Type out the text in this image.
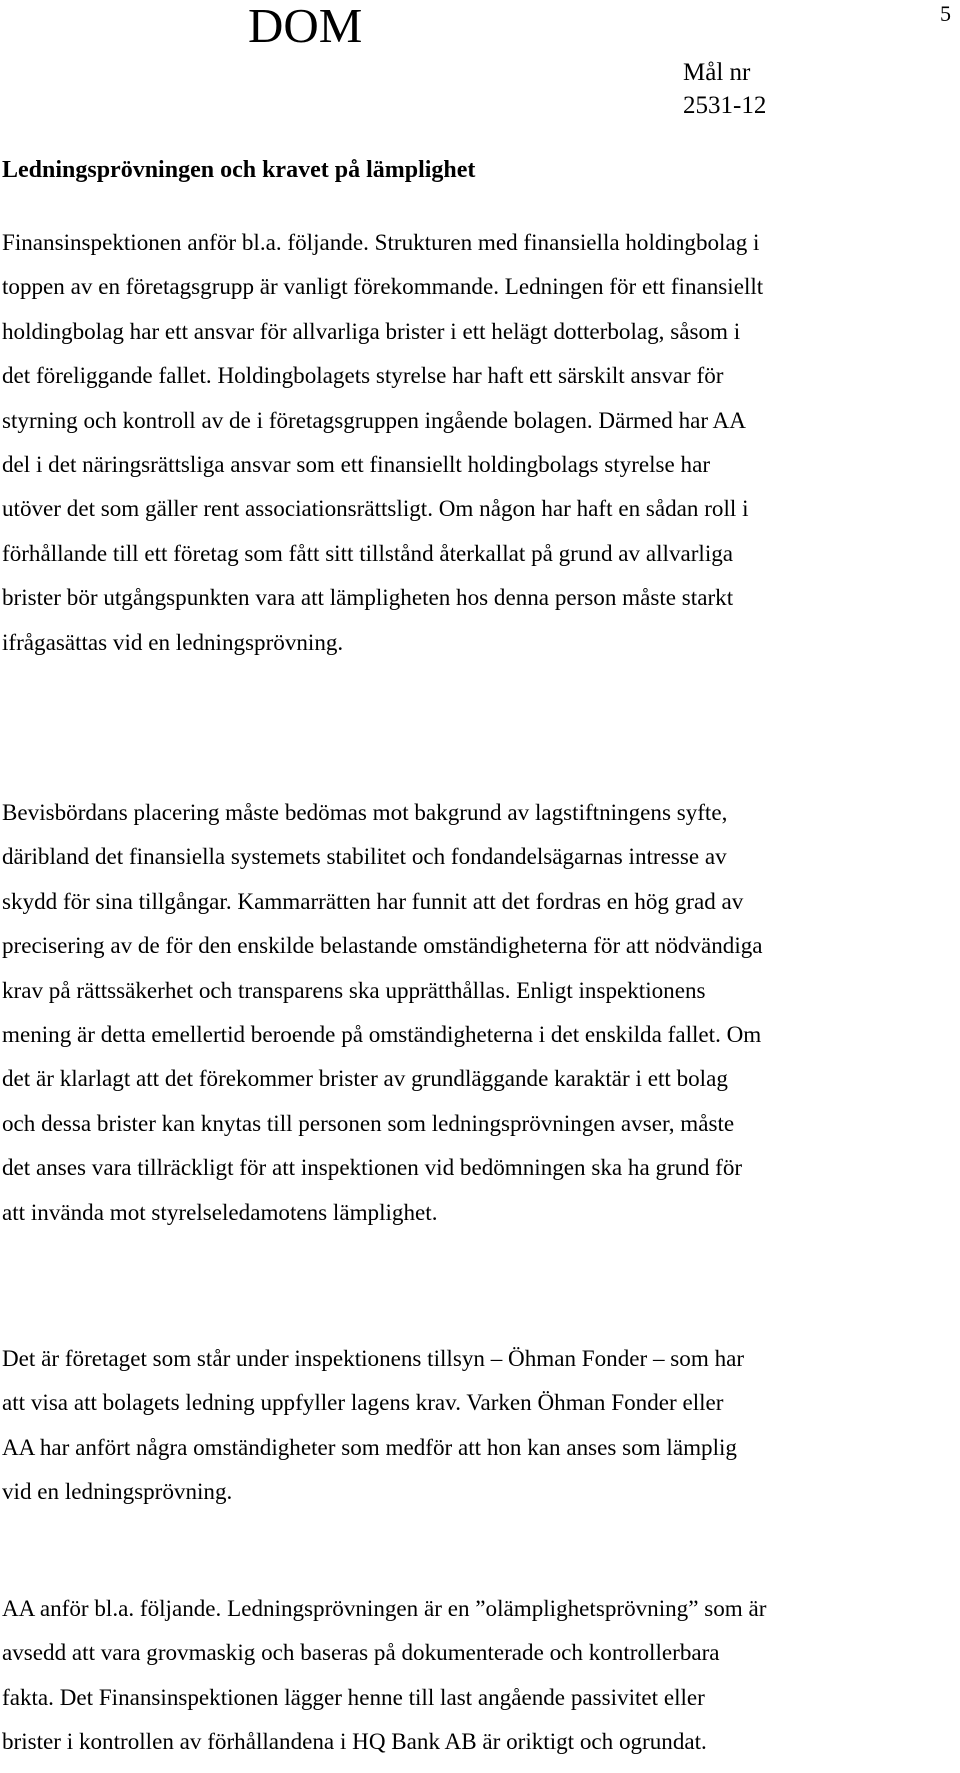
DOM	5
Mål nr
2531-12
Ledningsprövningen och kravet på lämplighet
Finansinspektionen anför bl.a. följande. Strukturen med finansiella holdingbolag i
toppen av en företagsgrupp är vanligt förekommande. Ledningen för ett finansiellt
holdingbolag har ett ansvar för allvarliga brister i ett helägt dotterbolag, såsom i
det föreliggande fallet. Holdingbolagets styrelse har haft ett särskilt ansvar för
styrning och kontroll av de i företagsgruppen ingående bolagen. Därmed har AA
del i det näringsrättsliga ansvar som ett finansiellt holdingbolags styrelse har
utöver det som gäller rent associationsrättsligt. Om någon har haft en sådan roll i
förhållande till ett företag som fått sitt tillstånd återkallat på grund av allvarliga
brister bör utgångspunkten vara att lämpligheten hos denna person måste starkt
ifrågasättas vid en ledningsprövning.
Bevisbördans placering måste bedömas mot bakgrund av lagstiftningens syfte,
däribland det finansiella systemets stabilitet och fondandelsägarnas intresse av
skydd för sina tillgångar. Kammarrätten har funnit att det fordras en hög grad av
precisering av de för den enskilde belastande omständigheterna för att nödvändiga
krav på rättssäkerhet och transparens ska upprätthållas. Enligt inspektionens
mening är detta emellertid beroende på omständigheterna i det enskilda fallet. Om
det är klarlagt att det förekommer brister av grundläggande karaktär i ett bolag
och dessa brister kan knytas till personen som ledningsprövningen avser, måste
det anses vara tillräckligt för att inspektionen vid bedömningen ska ha grund för
att invända mot styrelseledamotens lämplighet.
Det är företaget som står under inspektionens tillsyn – Öhman Fonder – som har
att visa att bolagets ledning uppfyller lagens krav. Varken Öhman Fonder eller
AA har anfört några omständigheter som medför att hon kan anses som lämplig
vid en ledningsprövning.
AA anför bl.a. följande. Ledningsprövningen är en ”olämplighetsprövning” som är
avsedd att vara grovmaskig och baseras på dokumenterade och kontrollerbara
fakta. Det Finansinspektionen lägger henne till last angående passivitet eller
brister i kontrollen av förhållandena i HQ Bank AB är oriktigt och ogrundat.
